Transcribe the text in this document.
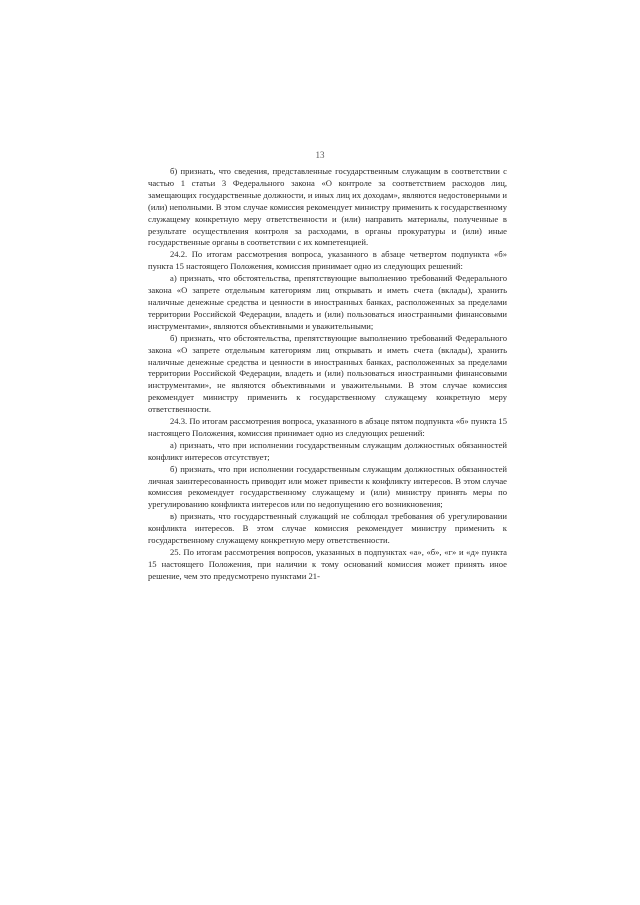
13

б) признать, что сведения, представленные государственным служащим в соответствии с частью 1 статьи 3 Федерального закона «О контроле за соответствием расходов лиц, замещающих государственные должности, и иных лиц их доходам», являются недостоверными и (или) неполными. В этом случае комиссия рекомендует министру применить к государственному служащему конкретную меру ответственности и (или) направить материалы, полученные в результате осуществления контроля за расходами, в органы прокуратуры и (или) иные государственные органы в соответствии с их компетенцией.

24.2. По итогам рассмотрения вопроса, указанного в абзаце четвертом подпункта «б» пункта 15 настоящего Положения, комиссия принимает одно из следующих решений:

а) признать, что обстоятельства, препятствующие выполнению требований Федерального закона «О запрете отдельным категориям лиц открывать и иметь счета (вклады), хранить наличные денежные средства и ценности в иностранных банках, расположенных за пределами территории Российской Федерации, владеть и (или) пользоваться иностранными финансовыми инструментами», являются объективными и уважительными;

б) признать, что обстоятельства, препятствующие выполнению требований Федерального закона «О запрете отдельным категориям лиц открывать и иметь счета (вклады), хранить наличные денежные средства и ценности в иностранных банках, расположенных за пределами территории Российской Федерации, владеть и (или) пользоваться иностранными финансовыми инструментами», не являются объективными и уважительными. В этом случае комиссия рекомендует министру применить к государственному служащему конкретную меру ответственности.

24.3. По итогам рассмотрения вопроса, указанного в абзаце пятом подпункта «б» пункта 15 настоящего Положения, комиссия принимает одно из следующих решений:

а) признать, что при исполнении государственным служащим должностных обязанностей конфликт интересов отсутствует;

б) признать, что при исполнении государственным служащим должностных обязанностей личная заинтересованность приводит или может привести к конфликту интересов. В этом случае комиссия рекомендует государственному служащему и (или) министру принять меры по урегулированию конфликта интересов или по недопущению его возникновения;

в) признать, что государственный служащий не соблюдал требования об урегулировании конфликта интересов. В этом случае комиссия рекомендует министру применить к государственному служащему конкретную меру ответственности.

25. По итогам рассмотрения вопросов, указанных в подпунктах «а», «б», «г» и «д» пункта 15 настоящего Положения, при наличии к тому оснований комиссия может принять иное решение, чем это предусмотрено пунктами 21-
